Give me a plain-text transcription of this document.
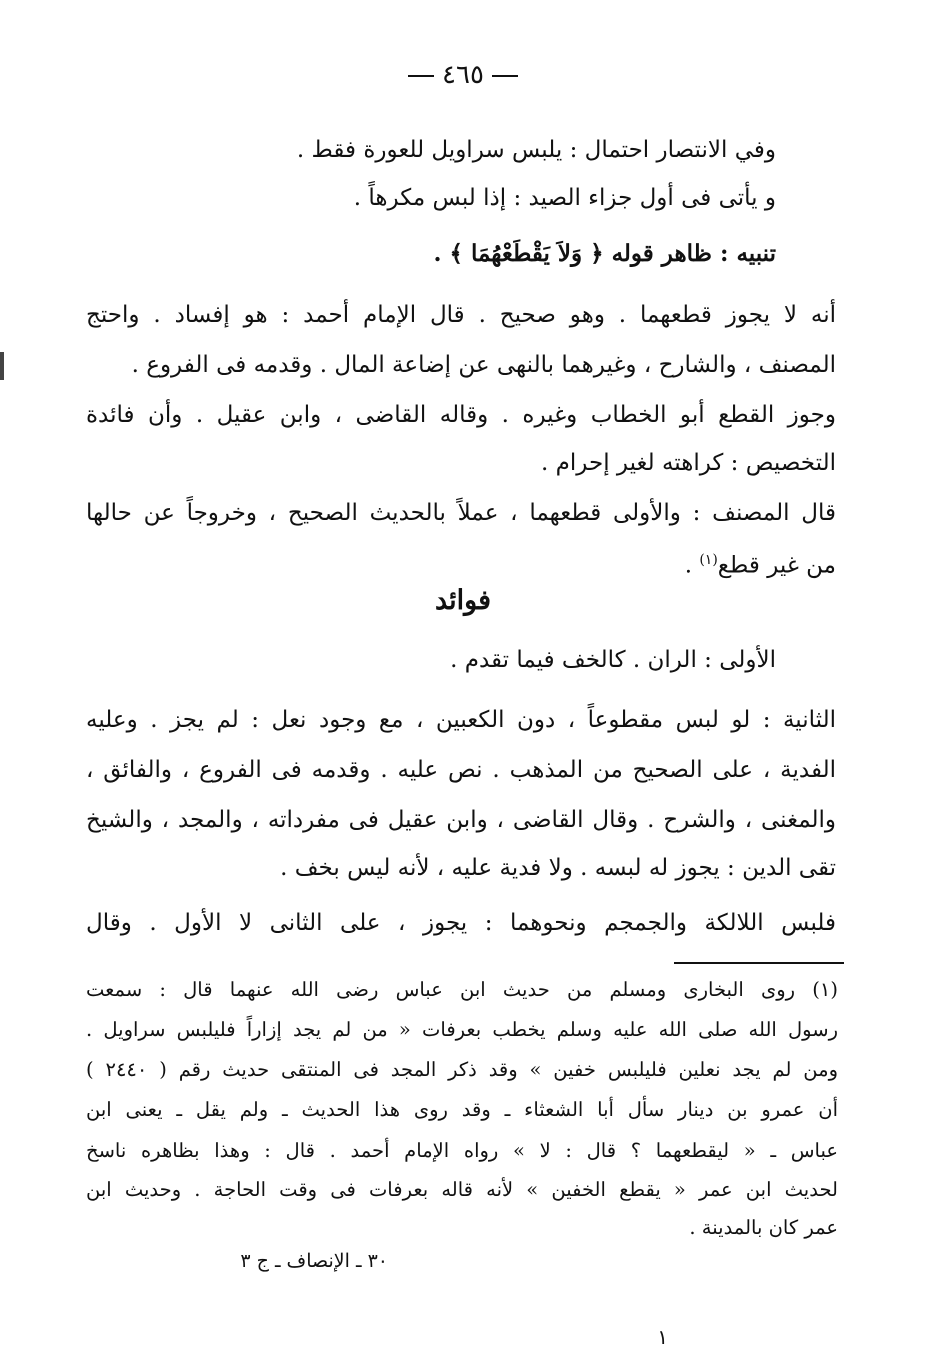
٤٦٥
وفي الانتصار احتمال : يلبس سراويل للعورة فقط .
و يأتى فى أول جزاء الصيد : إذا لبس مكرهاً .
تنبيه : ظاهر قوله ﴿ وَلاَ يَقْطَعْهُمَا ﴾ .
أنه لا يجوز قطعهما . وهو صحيح . قال الإمام أحمد : هو إفساد . واحتج
المصنف ، والشارح ، وغيرهما بالنهى عن إضاعة المال . وقدمه فى الفروع .
وجوز القطع أبو الخطاب وغيره . وقاله القاضى ، وابن عقيل . وأن فائدة
التخصيص : كراهته لغير إحرام .
قال المصنف : والأولى قطعهما ، عملاً بالحديث الصحيح ، وخروجاً عن حالها
من غير قطع$^{(١)}$ .
فوائد
الأولى : الران . كالخف فيما تقدم .
الثانية : لو لبس مقطوعاً ، دون الكعبين ، مع وجود نعل : لم يجز . وعليه
الفدية ، على الصحيح من المذهب . نص عليه . وقدمه فى الفروع ، والفائق ،
والمغنى ، والشرح . وقال القاضى ، وابن عقيل فى مفرداته ، والمجد ، والشيخ
تقى الدين : يجوز له لبسه . ولا فدية عليه ، لأنه ليس بخف .
فلبس اللالكة والجمجم ونحوهما : يجوز ، على الثانى لا الأول . وقال
(١) روى البخارى ومسلم من حديث ابن عباس رضى الله عنهما قال : سمعت
رسول الله صلى الله عليه وسلم يخطب بعرفات « من لم يجد إزاراً فليلبس سراويل .
ومن لم يجد نعلين فليلبس خفين » وقد ذكر المجد فى المنتقى حديث رقم ( ٢٤٤٠ )
أن عمرو بن دينار سأل أبا الشعثاء ـ وقد روى هذا الحديث ـ ولم يقل ـ يعنى ابن
عباس ـ « ليقطعهما ؟ قال : لا » رواه الإمام أحمد . قال : وهذا بظاهره ناسخ
لحديث ابن عمر « يقطع الخفين » لأنه قاله بعرفات فى وقت الحاجة . وحديث ابن
عمر كان بالمدينة .
٣٠ ـ الإنصاف ـ ج ٣
١
